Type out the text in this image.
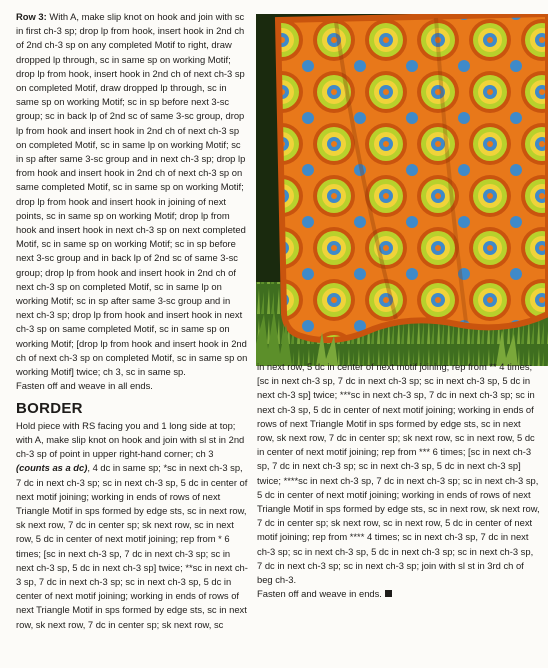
Row 3: With A, make slip knot on hook and join with sc in first ch-3 sp; drop lp from hook, insert hook in 2nd ch of 2nd ch-3 sp on any completed Motif to right, draw dropped lp through, sc in same sp on working Motif; drop lp from hook, insert hook in 2nd ch of next ch-3 sp on completed Motif, draw dropped lp through, sc in same sp on working Motif; sc in sp before next 3-sc group; sc in back lp of 2nd sc of same 3-sc group, drop lp from hook and insert hook in 2nd ch of next ch-3 sp on completed Motif, sc in same lp on working Motif; sc in sp after same 3-sc group and in next ch-3 sp; drop lp from hook and insert hook in 2nd ch of next ch-3 sp on same completed Motif, sc in same sp on working Motif; drop lp from hook and insert hook in joining of next points, sc in same sp on working Motif; drop lp from hook and insert hook in next ch-3 sp on next completed Motif, sc in same sp on working Motif; sc in sp before next 3-sc group and in back lp of 2nd sc of same 3-sc group; drop lp from hook and insert hook in 2nd ch of next ch-3 sp on completed Motif, sc in same lp on working Motif; sc in sp after same 3-sc group and in next ch-3 sp; drop lp from hook and insert hook in next ch-3 sp on same completed Motif, sc in same sp on working Motif; [drop lp from hook and insert hook in 2nd ch of next ch-3 sp on completed Motif, sc in same sp on working Motif] twice; ch 3, sc in same sp.

Fasten off and weave in all ends.

BORDER

Hold piece with RS facing you and 1 long side at top; with A, make slip knot on hook and join with sl st in 2nd ch-3 sp of point in upper right-hand corner; ch 3 (counts as a dc), 4 dc in same sp; *sc in next ch-3 sp, 7 dc in next ch-3 sp; sc in next ch-3 sp, 5 dc in center of next motif joining; working in ends of rows of next Triangle Motif in sps formed by edge sts, sc in next row, sk next row, 7 dc in center sp; sk next row, sc in next row, 5 dc in center of next motif joining; rep from * 6 times; [sc in next ch-3 sp, 7 dc in next ch-3 sp; sc in next ch-3 sp, 5 dc in next ch-3 sp] twice; **sc in next ch-3 sp, 7 dc in next ch-3 sp; sc in next ch-3 sp, 5 dc in center of next motif joining; working in ends of rows of next Triangle Motif in sps formed by edge sts, sc in next row, sk next row, 7 dc in center sp; sk next row, sc

in next row, 5 dc in center of next motif joining; rep from ** 4 times; [sc in next ch-3 sp, 7 dc in next ch-3 sp; sc in next ch-3 sp, 5 dc in next ch-3 sp] twice; ***sc in next ch-3 sp, 7 dc in next ch-3 sp; sc in next ch-3 sp, 5 dc in center of next motif joining; working in ends of rows of next Triangle Motif in sps formed by edge sts, sc in next row, sk next row, 7 dc in center sp; sk next row, sc in next row, 5 dc in center of next motif joining; rep from *** 6 times; [sc in next ch-3 sp, 7 dc in next ch-3 sp; sc in next ch-3 sp, 5 dc in next ch-3 sp] twice; ****sc in next ch-3 sp, 7 dc in next ch-3 sp; sc in next ch-3 sp, 5 dc in center of next motif joining; working in ends of rows of next Triangle Motif in sps formed by edge sts, sc in next row, sk next row, 7 dc in center sp; sk next row, sc in next row, 5 dc in center of next motif joining; rep from **** 4 times; sc in next ch-3 sp, 7 dc in next ch-3 sp; sc in next ch-3 sp, 5 dc in next ch-3 sp; sc in next ch-3 sp, 7 dc in next ch-3 sp; sc in next ch-3 sp; join with sl st in 3rd ch of beg ch-3.

Fasten off and weave in ends.
